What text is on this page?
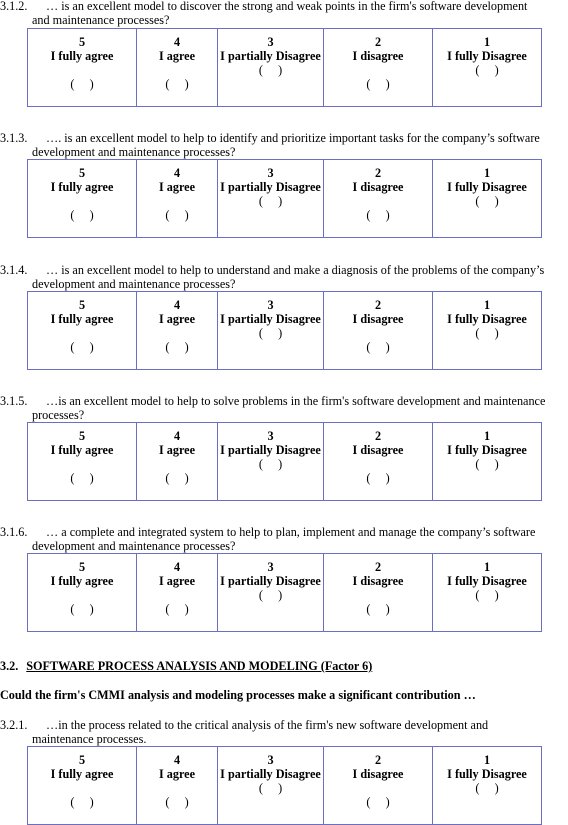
3.1.2.	… is an excellent model to discover the strong and weak points in the firm's software development
and maintenance processes?
5
I fully agree
(     )

4
I agree
(     )

3
I partially Disagree
(     )

2
I disagree
(     )

1
I fully Disagree
(     )
3.1.3.	…. is an excellent model to help to identify and prioritize important tasks for the company’s software
development and maintenance processes?
5
I fully agree
(     )

4
I agree
(     )

3
I partially Disagree
(     )

2
I disagree
(     )

1
I fully Disagree
(     )
3.1.4.	… is an excellent model to help to understand and make a diagnosis of the problems of the company’s
development and maintenance processes?
5
I fully agree
(     )

4
I agree
(     )

3
I partially Disagree
(     )

2
I disagree
(     )

1
I fully Disagree
(     )
3.1.5.	…is an excellent model to help to solve problems in the firm's software development and maintenance
processes?
5
I fully agree
(     )

4
I agree
(     )

3
I partially Disagree
(     )

2
I disagree
(     )

1
I fully Disagree
(     )
3.1.6.	… a complete and integrated system to help to plan, implement and manage the company’s software
development and maintenance processes?
5
I fully agree
(     )

4
I agree
(     )

3
I partially Disagree
(     )

2
I disagree
(     )

1
I fully Disagree
(     )
3.2. SOFTWARE PROCESS ANALYSIS AND MODELING (Factor 6)
Could the firm's CMMI analysis and modeling processes make a significant contribution …
3.2.1.	…in the process related to the critical analysis of the firm's new software development and
maintenance processes.
5
I fully agree
(     )

4
I agree
(     )

3
I partially Disagree
(     )

2
I disagree
(     )

1
I fully Disagree
(     )
